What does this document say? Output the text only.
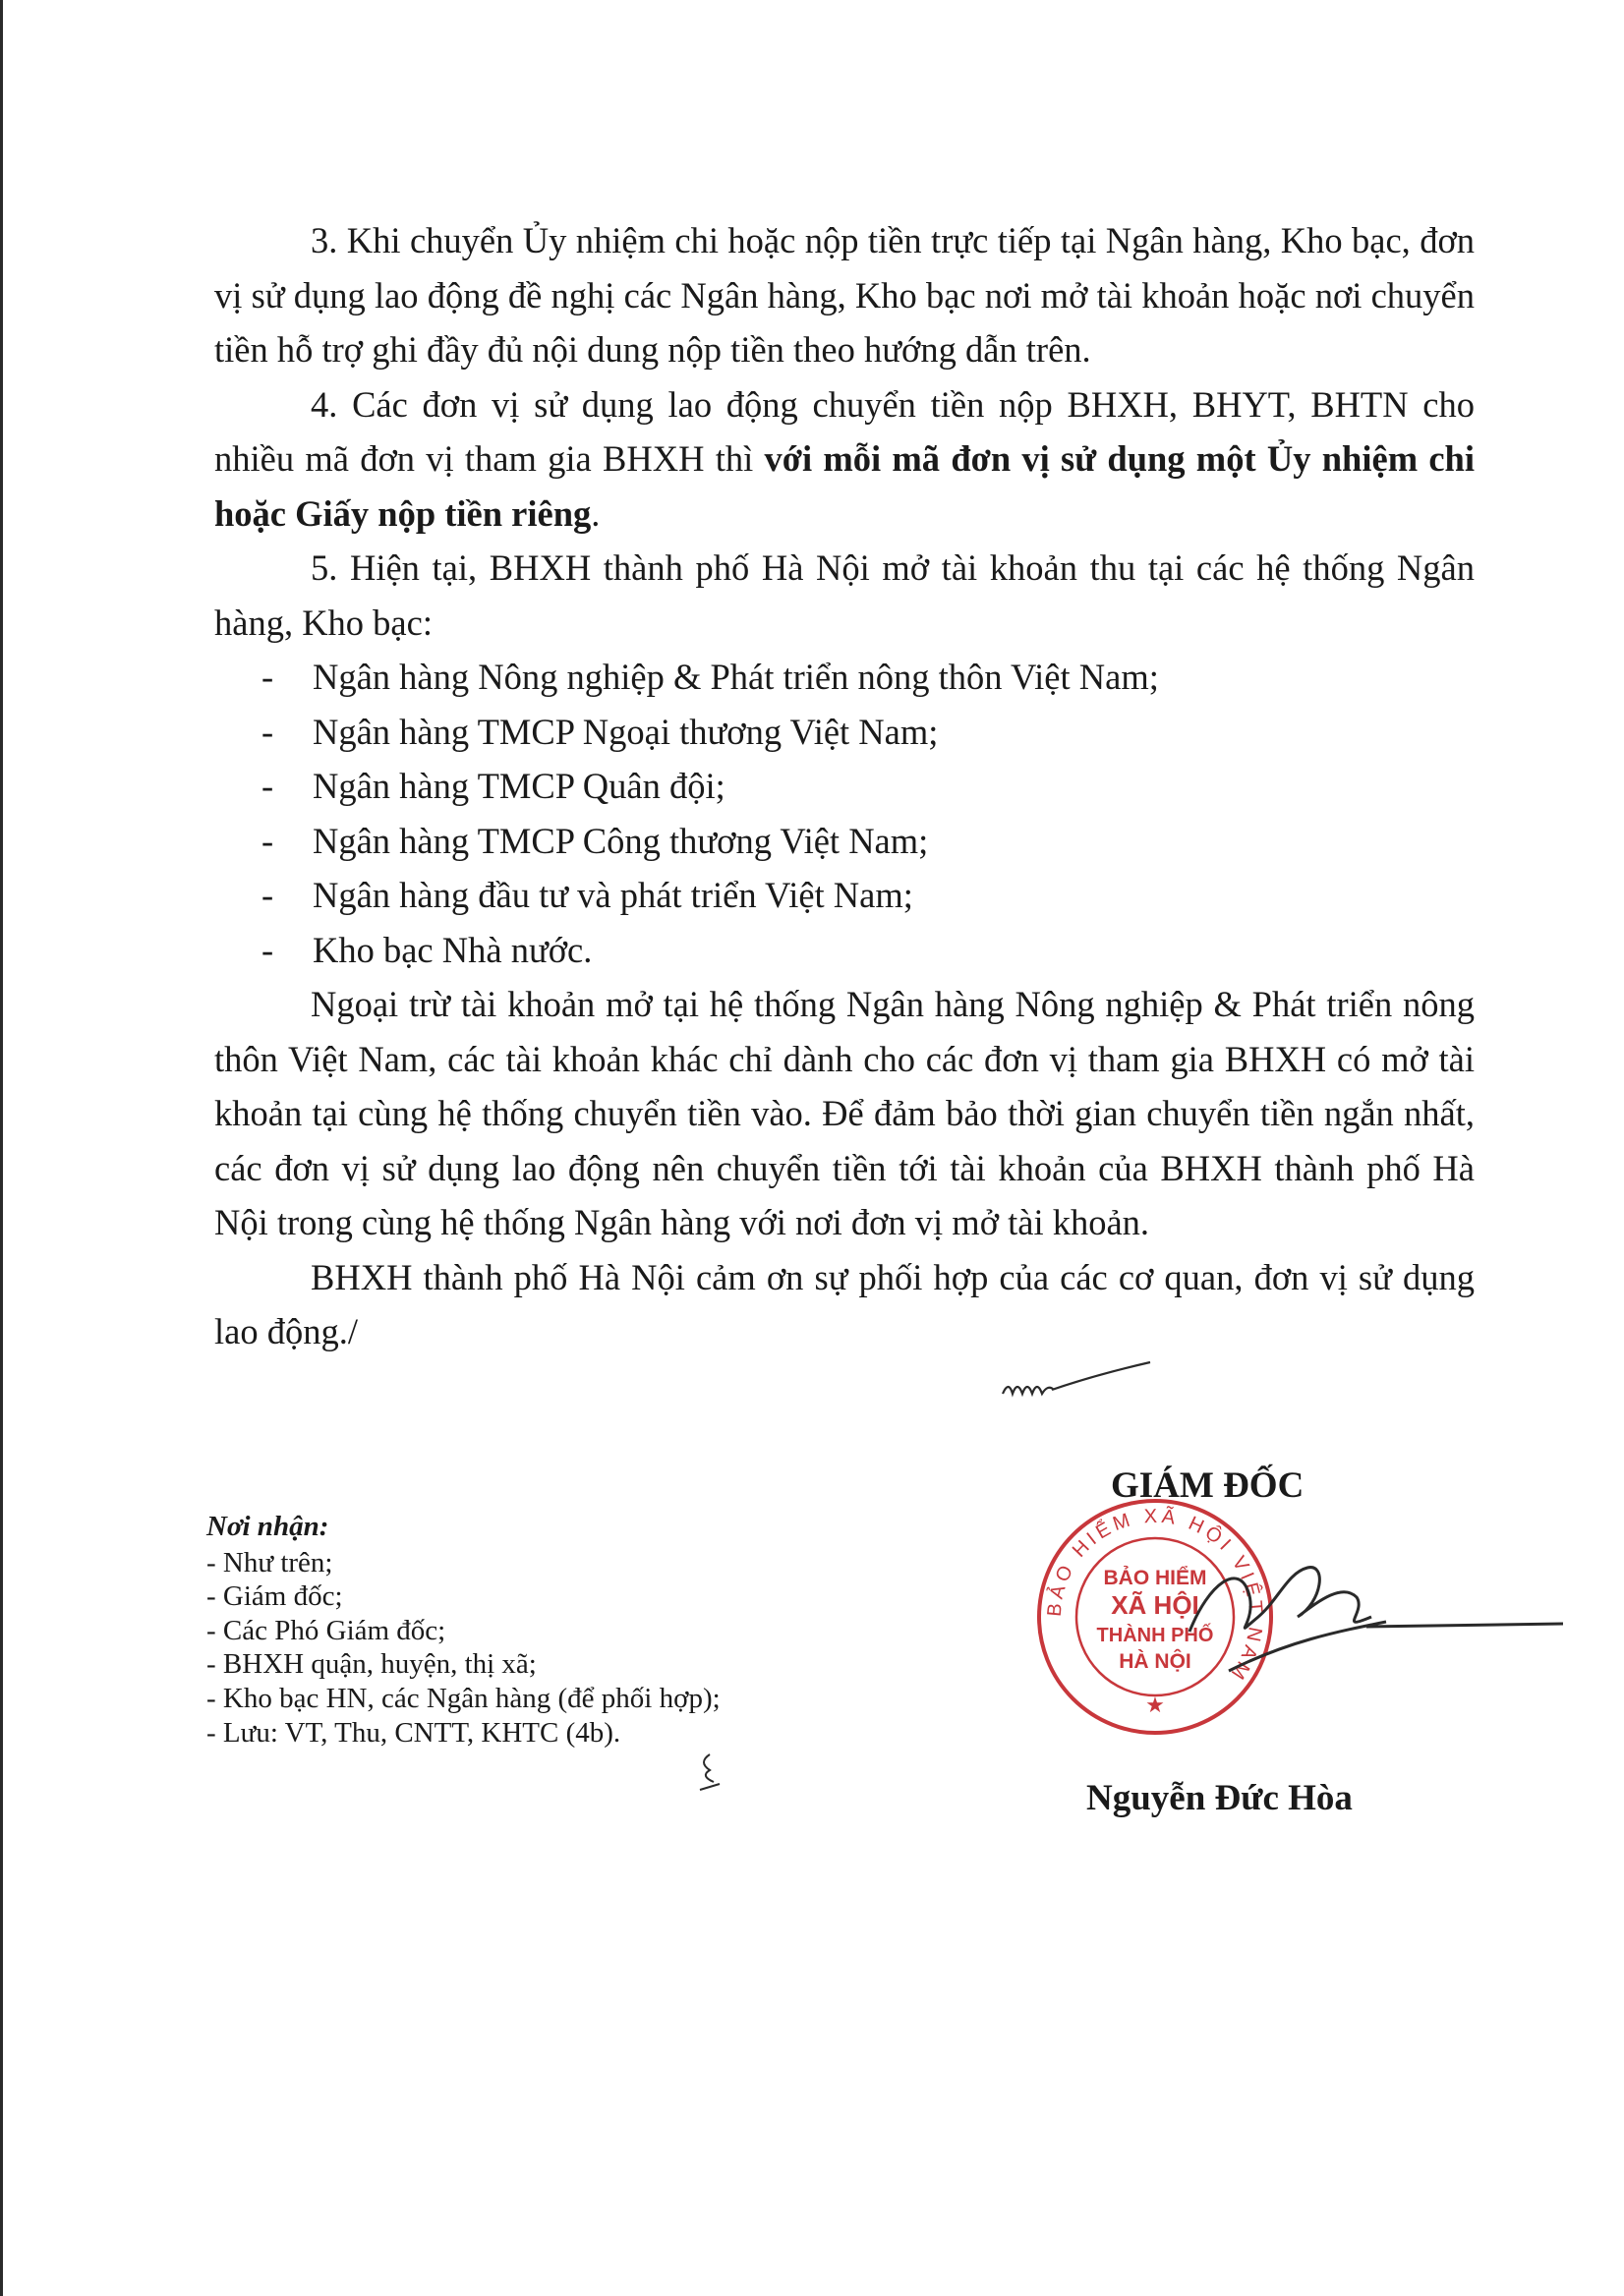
3. Khi chuyển Ủy nhiệm chi hoặc nộp tiền trực tiếp tại Ngân hàng, Kho bạc, đơn vị sử dụng lao động đề nghị các Ngân hàng, Kho bạc nơi mở tài khoản hoặc nơi chuyển tiền hỗ trợ ghi đầy đủ nội dung nộp tiền theo hướng dẫn trên.

4. Các đơn vị sử dụng lao động chuyển tiền nộp BHXH, BHYT, BHTN cho nhiều mã đơn vị tham gia BHXH thì với mỗi mã đơn vị sử dụng một Ủy nhiệm chi hoặc Giấy nộp tiền riêng.

5. Hiện tại, BHXH thành phố Hà Nội mở tài khoản thu tại các hệ thống Ngân hàng, Kho bạc:

- Ngân hàng Nông nghiệp & Phát triển nông thôn Việt Nam;
- Ngân hàng TMCP Ngoại thương Việt Nam;
- Ngân hàng TMCP Quân đội;
- Ngân hàng TMCP Công thương Việt Nam;
- Ngân hàng đầu tư và phát triển Việt Nam;
- Kho bạc Nhà nước.

Ngoại trừ tài khoản mở tại hệ thống Ngân hàng Nông nghiệp & Phát triển nông thôn Việt Nam, các tài khoản khác chỉ dành cho các đơn vị tham gia BHXH có mở tài khoản tại cùng hệ thống chuyển tiền vào. Để đảm bảo thời gian chuyển tiền ngắn nhất, các đơn vị sử dụng lao động nên chuyển tiền tới tài khoản của BHXH thành phố Hà Nội trong cùng hệ thống Ngân hàng với nơi đơn vị mở tài khoản.

BHXH thành phố Hà Nội cảm ơn sự phối hợp của các cơ quan, đơn vị sử dụng lao động./

Nơi nhận:

- Như trên;
- Giám đốc;
- Các Phó Giám đốc;
- BHXH quận, huyện, thị xã;
- Kho bạc HN, các Ngân hàng (để phối hợp);
- Lưu: VT, Thu, CNTT, KHTC (4b).
BẢO HIỂM XÃ HỘI VIỆT NAM
BẢO HIỂM
XÃ HỘI
THÀNH PHỐ
HÀ NỘI
★
GIÁM ĐỐC
Nguyễn Đức Hòa
